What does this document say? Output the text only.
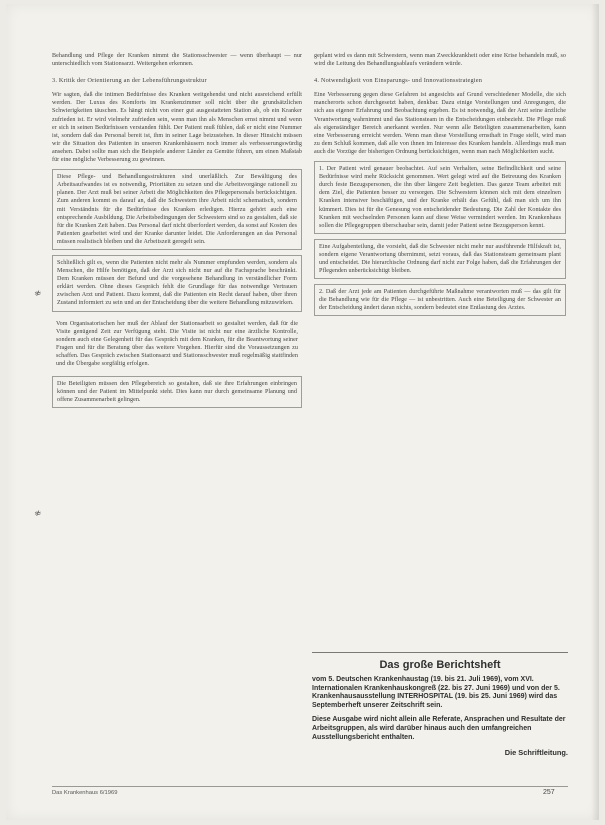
Behandlung und Pflege der Kranken nimmt die Stationsschwester — wenn überhaupt — nur unterschiedlich vom Stationsarzt. Weitergehen erkennen.

3. Kritik der Orientierung an der Lebensführungsstruktur

Wir sagten, daß die intimen Bedürfnisse des Kranken weitgehendst und nicht ausreichend erfüllt werden. Der Luxus des Komforts im Krankenzimmer soll nicht über die grundsätzlichen Schwierigkeiten täuschen. Es hängt nicht von einer gut ausgestatteten Station ab, ob ein Kranker zufrieden ist. Er wird vielmehr zufrieden sein, wenn man ihn als Menschen ernst nimmt und wenn er sich in seinen Bedürfnissen verstanden fühlt. Der Patient muß fühlen, daß er nicht eine Nummer ist, sondern daß das Personal bereit ist, ihm in seiner Lage beizustehen. In dieser Hinsicht müssen wir die Situation des Patienten in unseren Krankenhäusern noch immer als verbesserungswürdig ansehen. Dabei sollte man sich die Beispiele anderer Länder zu Gemüte führen, um einen Maßstab für eine mögliche Verbesserung zu gewinnen.

Diese Pflege- und Behandlungsstrukturen sind unerläßlich. Zur Bewältigung des Arbeitsaufwandes ist es notwendig, Prioritäten zu setzen und die Arbeitsvorgänge rationell zu planen. Der Arzt muß bei seiner Arbeit die Möglichkeiten des Pflegepersonals berücksichtigen. Zum anderen kommt es darauf an, daß die Schwestern ihre Arbeit nicht schematisch, sondern mit Verständnis für die Bedürfnisse des Kranken erledigen. Hierzu gehört auch eine entsprechende Ausbildung. Die Arbeitsbedingungen der Schwestern sind so zu gestalten, daß sie für die Kranken Zeit haben. Das Personal darf nicht überfordert werden, da sonst auf Kosten des Patienten gearbeitet wird und der Kranke darunter leidet. Die Anforderungen an das Personal müssen realistisch bleiben und die Arbeitszeit geregelt sein.

Schließlich gilt es, wenn die Patienten nicht mehr als Nummer empfunden werden, sondern als Menschen, die Hilfe benötigen, daß der Arzt sich nicht nur auf die Fachsprache beschränkt. Dem Kranken müssen der Befund und die vorgesehene Behandlung in verständlicher Form erklärt werden. Ohne dieses Gespräch fehlt die Grundlage für das notwendige Vertrauen zwischen Arzt und Patient. Dazu kommt, daß die Patienten ein Recht darauf haben, über ihren Zustand informiert zu sein und an der Entscheidung über die weitere Behandlung mitzuwirken.

Vom Organisatorischen her muß der Ablauf der Stationsarbeit so gestaltet werden, daß für die Visite genügend Zeit zur Verfügung steht. Die Visite ist nicht nur eine ärztliche Kontrolle, sondern auch eine Gelegenheit für das Gespräch mit dem Kranken, für die Beantwortung seiner Fragen und für die Beratung über das weitere Vorgehen. Hierfür sind die Voraussetzungen zu schaffen. Das Gespräch zwischen Stationsarzt und Stationsschwester muß regelmäßig stattfinden und die Übergabe sorgfältig erfolgen.

Die Beteiligten müssen den Pflegebereich so gestalten, daß sie ihre Erfahrungen einbringen können und der Patient im Mittelpunkt steht. Dies kann nur durch gemeinsame Planung und offene Zusammenarbeit gelingen.

geplant wird es dann mit Schwestern, wenn man Zweckkrankheit oder eine Krise behandeln muß, so wird die Leitung des Behandlungsablaufs verändern würde.

4. Notwendigkeit von Einsparungs- und Innovationsstrategien

Eine Verbesserung gegen diese Gefahren ist angesichts auf Grund verschiedener Modelle, die sich mancherorts schon durchgesetzt haben, denkbar. Dazu einige Vorstellungen und Anregungen, die sich aus eigener Erfahrung und Beobachtung ergeben. Es ist notwendig, daß der Arzt seine ärztliche Verantwortung wahrnimmt und das Stationsteam in die Entscheidungen einbezieht. Die Pflege muß als eigenständiger Bereich anerkannt werden. Nur wenn alle Beteiligten zusammenarbeiten, kann eine Verbesserung erreicht werden. Wenn man diese Vorstellung ernsthaft in Frage stellt, wird man zu dem Schluß kommen, daß alle von ihnen im Interesse des Kranken handeln. Allerdings muß man auch die Vorzüge der bisherigen Ordnung berücksichtigen, wenn man nach Möglichkeiten sucht.

1. Der Patient wird genauer beobachtet. Auf sein Verhalten, seine Befindlichkeit und seine Bedürfnisse wird mehr Rücksicht genommen. Wert gelegt wird auf die Betreuung des Kranken durch feste Bezugspersonen, die ihn über längere Zeit begleiten. Das ganze Team arbeitet mit dem Ziel, die Patienten besser zu versorgen. Die Schwestern können sich mit dem einzelnen Kranken intensiver beschäftigen, und der Kranke erhält das Gefühl, daß man sich um ihn kümmert. Dies ist für die Genesung von entscheidender Bedeutung. Die Zahl der Kontakte des Kranken mit wechselnden Personen kann auf diese Weise vermindert werden. Im Krankenhaus sollen die Pflegegruppen überschaubar sein, damit jeder Patient seine Bezugsperson kennt.

Eine Aufgabenteilung, die vorsieht, daß die Schwester nicht mehr nur ausführende Hilfskraft ist, sondern eigene Verantwortung übernimmt, setzt voraus, daß das Stationsteam gemeinsam plant und entscheidet. Die hierarchische Ordnung darf nicht zur Folge haben, daß die Erfahrungen der Pflegenden unberücksichtigt bleiben.

2. Daß der Arzt jede am Patienten durchgeführte Maßnahme verantworten muß — das gilt für die Behandlung wie für die Pflege — ist unbestritten. Auch eine Beteiligung der Schwester an der Entscheidung ändert daran nichts, sondern bedeutet eine Entlastung des Arztes.

Das große Berichtsheft

vom 5. Deutschen Krankenhaustag (19. bis 21. Juli 1969), vom XVI. Internationalen Krankenhauskongreß (22. bis 27. Juni 1969) und von der 5. Krankenhausausstellung INTERHOSPITAL (19. bis 25. Juni 1969) wird das Septemberheft unserer Zeitschrift sein.

Diese Ausgabe wird nicht allein alle Referate, Ansprachen und Resultate der Arbeitsgruppen, als wird darüber hinaus auch den umfangreichen Ausstellungsbericht enthalten.

Die Schriftleitung.
≉
≉
Das Krankenhaus 6/1969	257
